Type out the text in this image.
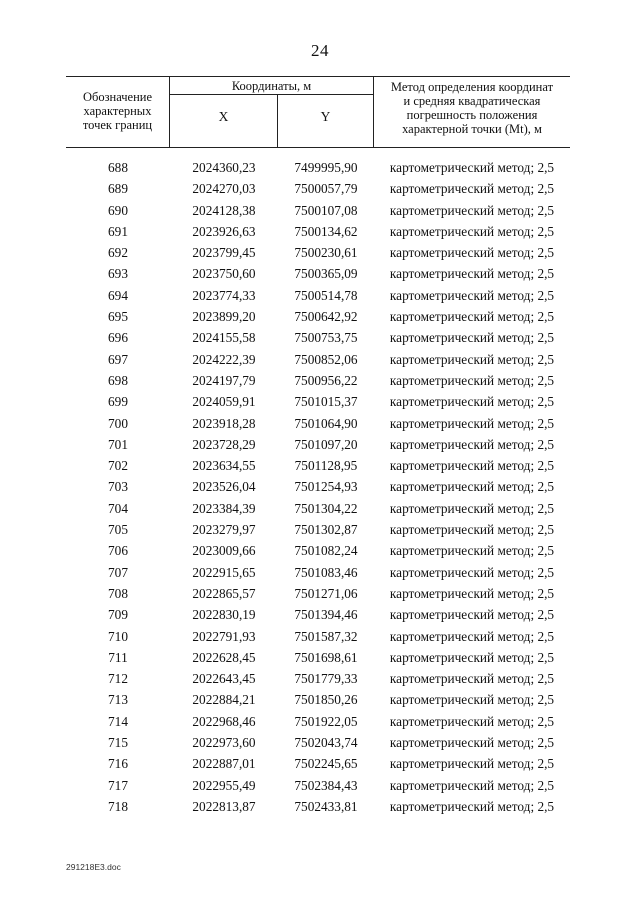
24
Обозначение
характерных
точек границ
Координаты, м
X	Y
Метод определения координат
и средняя квадратическая
погрешность положения
характерной точки (Mt), м
688	2024360,23	7499995,90	картометрический метод; 2,5
689	2024270,03	7500057,79	картометрический метод; 2,5
690	2024128,38	7500107,08	картометрический метод; 2,5
691	2023926,63	7500134,62	картометрический метод; 2,5
692	2023799,45	7500230,61	картометрический метод; 2,5
693	2023750,60	7500365,09	картометрический метод; 2,5
694	2023774,33	7500514,78	картометрический метод; 2,5
695	2023899,20	7500642,92	картометрический метод; 2,5
696	2024155,58	7500753,75	картометрический метод; 2,5
697	2024222,39	7500852,06	картометрический метод; 2,5
698	2024197,79	7500956,22	картометрический метод; 2,5
699	2024059,91	7501015,37	картометрический метод; 2,5
700	2023918,28	7501064,90	картометрический метод; 2,5
701	2023728,29	7501097,20	картометрический метод; 2,5
702	2023634,55	7501128,95	картометрический метод; 2,5
703	2023526,04	7501254,93	картометрический метод; 2,5
704	2023384,39	7501304,22	картометрический метод; 2,5
705	2023279,97	7501302,87	картометрический метод; 2,5
706	2023009,66	7501082,24	картометрический метод; 2,5
707	2022915,65	7501083,46	картометрический метод; 2,5
708	2022865,57	7501271,06	картометрический метод; 2,5
709	2022830,19	7501394,46	картометрический метод; 2,5
710	2022791,93	7501587,32	картометрический метод; 2,5
711	2022628,45	7501698,61	картометрический метод; 2,5
712	2022643,45	7501779,33	картометрический метод; 2,5
713	2022884,21	7501850,26	картометрический метод; 2,5
714	2022968,46	7501922,05	картометрический метод; 2,5
715	2022973,60	7502043,74	картометрический метод; 2,5
716	2022887,01	7502245,65	картометрический метод; 2,5
717	2022955,49	7502384,43	картометрический метод; 2,5
718	2022813,87	7502433,81	картометрический метод; 2,5
291218E3.doc
